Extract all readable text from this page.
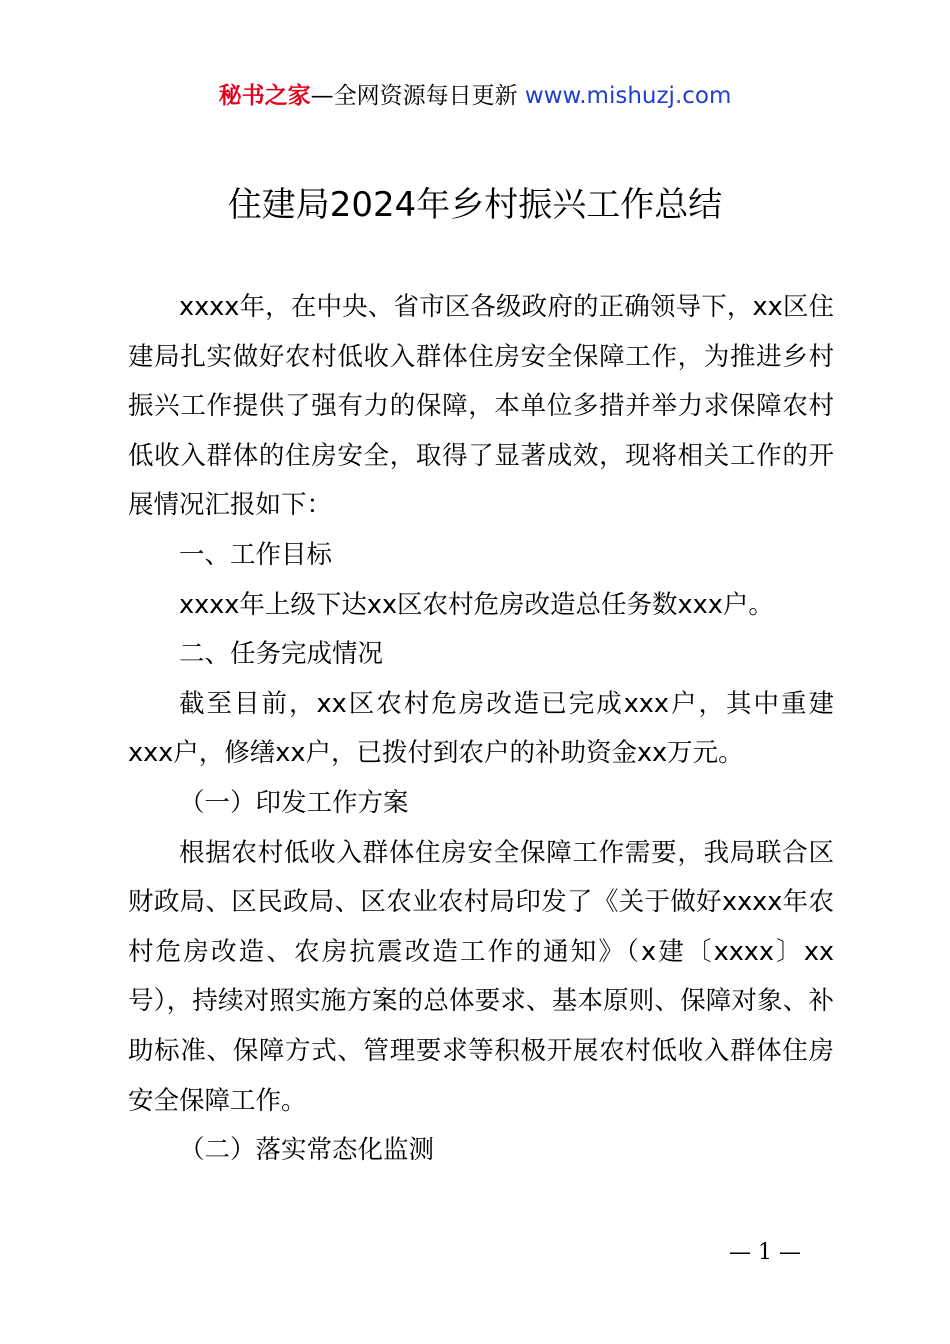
秘书之家—全网资源每日更新 www.mishuzj.com
住建局2024年乡村振兴工作总结

xxxx年，在中央、省市区各级政府的正确领导下，xx区住建局扎实做好农村低收入群体住房安全保障工作，为推进乡村振兴工作提供了强有力的保障，本单位多措并举力求保障农村低收入群体的住房安全，取得了显著成效，现将相关工作的开展情况汇报如下：

一、工作目标

xxxx年上级下达xx区农村危房改造总任务数xxx户。

二、任务完成情况

截至目前，xx区农村危房改造已完成xxx户，其中重建xxx户，修缮xx户，已拨付到农户的补助资金xx万元。

（一）印发工作方案

根据农村低收入群体住房安全保障工作需要，我局联合区财政局、区民政局、区农业农村局印发了《关于做好xxxx年农村危房改造、农房抗震改造工作的通知》（x建〔xxxx〕xx号），持续对照实施方案的总体要求、基本原则、保障对象、补助标准、保障方式、管理要求等积极开展农村低收入群体住房安全保障工作。

（二）落实常态化监测

— 1 —
